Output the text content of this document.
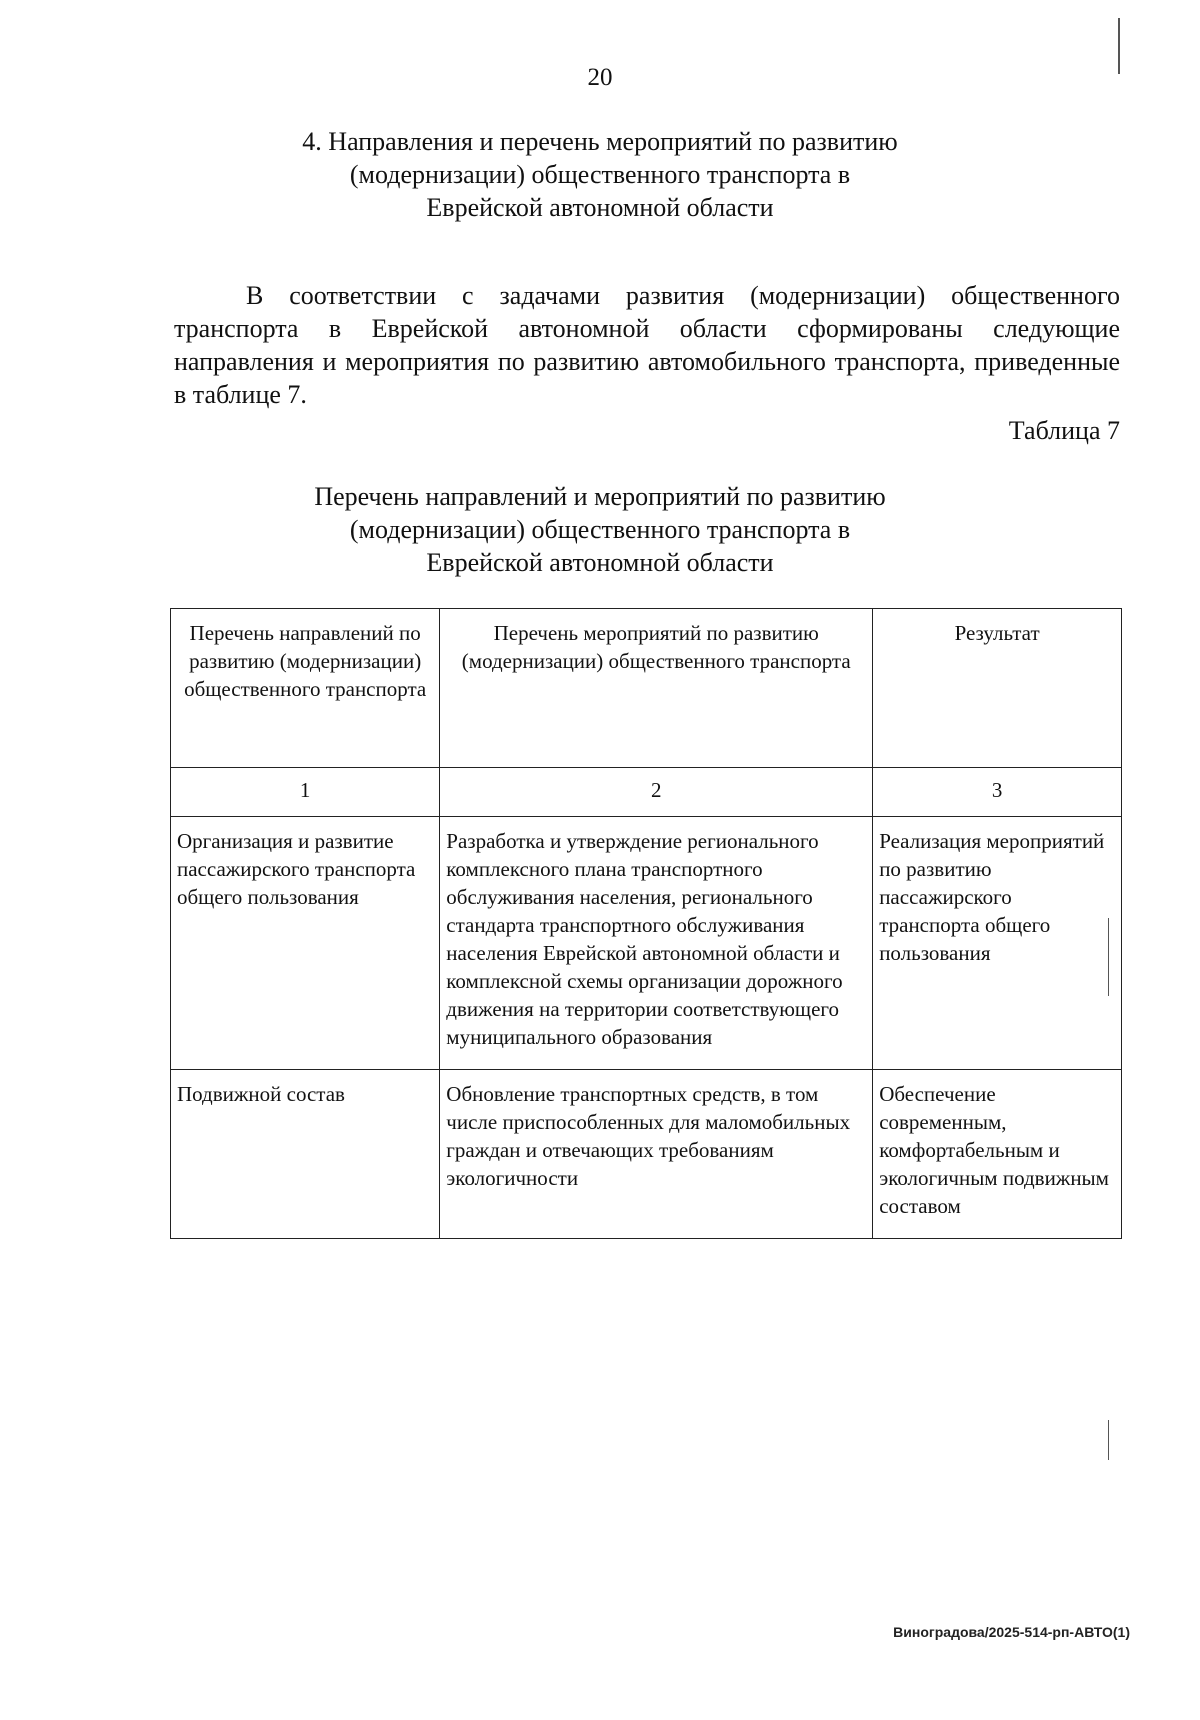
20
4. Направления и перечень мероприятий по развитию
(модернизации) общественного транспорта в
Еврейской автономной области

В соответствии с задачами развития (модернизации) общественного транспорта в Еврейской автономной области сформированы следующие направления и мероприятия по развитию автомобильного транспорта, приведенные в таблице 7.

Таблица 7
Перечень направлений и мероприятий по развитию
(модернизации) общественного транспорта в
Еврейской автономной области
Перечень направлений по развитию (модернизации) общественного транспорта	Перечень мероприятий по развитию (модернизации) общественного транспорта	Результат
1	2	3
Организация и развитие пассажирского транспорта общего пользования	Разработка и утверждение регионального комплексного плана транспортного обслуживания населения, регионального стандарта транспортного обслуживания населения Еврейской автономной области и комплексной схемы организации дорожного движения на территории соответствующего муниципального образования	Реализация мероприятий по развитию пассажирского транспорта общего пользования
Подвижной состав	Обновление транспортных средств, в том числе приспособленных для маломобильных граждан и отвечающих требованиям экологичности	Обеспечение современным, комфортабельным и экологичным подвижным составом
Виноградова/2025-514-рп-АВТО(1)
